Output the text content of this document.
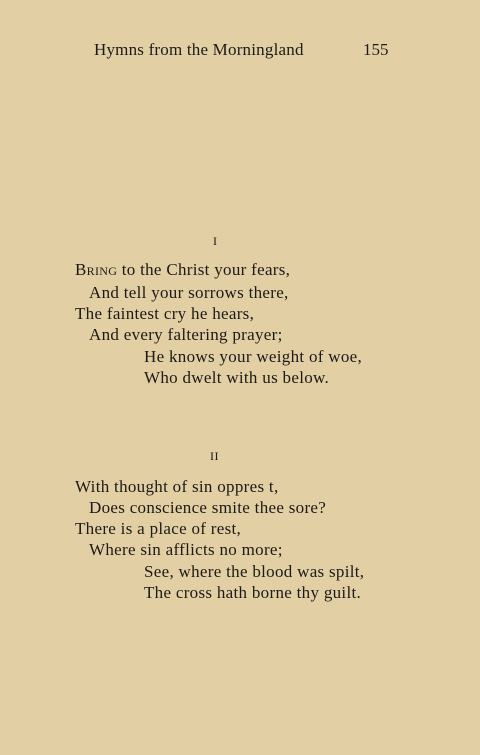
Hymns from the Morningland	155
I
Bring to the Christ your fears,
And tell your sorrows there,
The faintest cry he hears,
And every faltering prayer;
He knows your weight of woe,
Who dwelt with us below.
II
With thought of sin oppres t,
Does conscience smite thee sore?
There is a place of rest,
Where sin afflicts no more;
See, where the blood was spilt,
The cross hath borne thy guilt.
